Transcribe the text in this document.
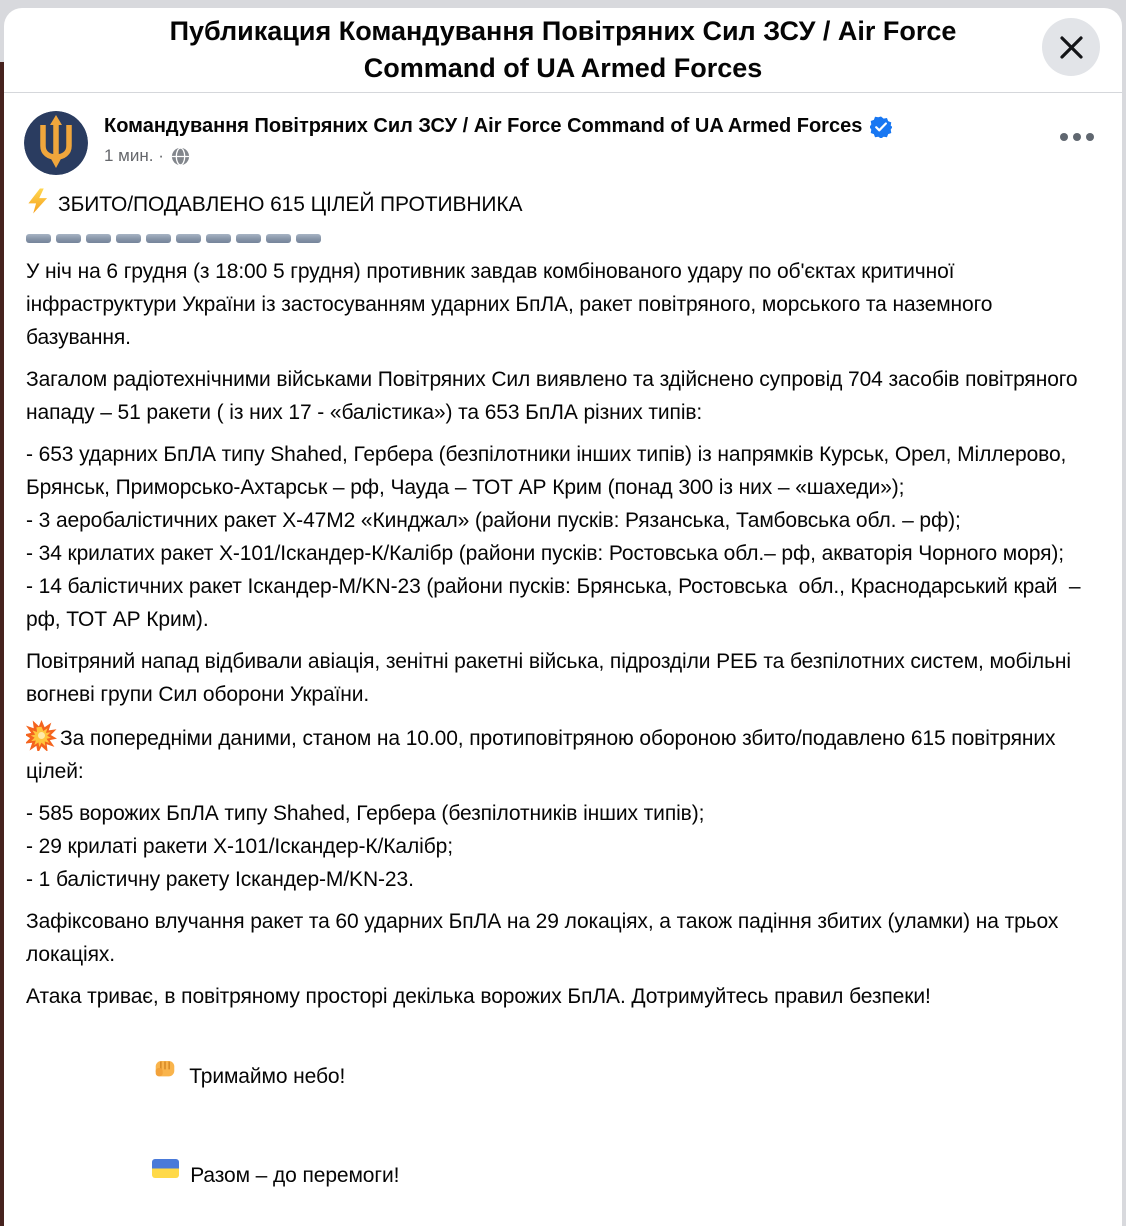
Публикация Командування Повітряних Сил ЗСУ / Air Force Command of UA Armed Forces
Командування Повітряних Сил ЗСУ / Air Force Command of UA Armed Forces
1 мин. ·

ЗБИТО/ПОДАВЛЕНО 615 ЦІЛЕЙ ПРОТИВНИКА

У ніч на 6 грудня (з 18:00 5 грудня) противник завдав комбінованого удару по об'єктах критичної інфраструктури України із застосуванням ударних БпЛА, ракет повітряного, морського та наземного базування.

Загалом радіотехнічними військами Повітряних Сил виявлено та здійснено супровід 704 засобів повітряного нападу – 51 ракети ( із них 17 - «балістика») та 653 БпЛА різних типів:

- 653 ударних БпЛА типу Shahed, Гербера (безпілотники інших типів) із напрямків Курськ, Орел, Міллерово, Брянськ, Приморсько-Ахтарськ – рф, Чауда – ТОТ АР Крим (понад 300 із них – «шахеди»);
- 3 аеробалістичних ракет Х-47М2 «Кинджал» (райони пусків: Рязанська, Тамбовська обл. – рф);
- 34 крилатих ракет Х-101/Іскандер-К/Калібр (райони пусків: Ростовська обл.– рф, акваторія Чорного моря);
- 14 балістичних ракет Іскандер-М/KN-23 (райони пусків: Брянська, Ростовська  обл., Краснодарський край  – рф, ТОТ АР Крим).

Повітряний напад відбивали авіація, зенітні ракетні війська, підрозділи РЕБ та безпілотних систем, мобільні вогневі групи Сил оборони України.

За попередніми даними, станом на 10.00, протиповітряною обороною збито/подавлено 615 повітряних цілей:

- 585 ворожих БпЛА типу Shahed, Гербера (безпілотників інших типів);
- 29 крилаті ракети Х-101/Іскандер-К/Калібр;
- 1 балістичну ракету Іскандер-М/KN-23.

Зафіксовано влучання ракет та 60 ударних БпЛА на 29 локаціях, а також падіння збитих (уламки) на трьох локаціях.

Атака триває, в повітряному просторі декілька ворожих БпЛА. Дотримуйтесь правил безпеки!

Тримаймо небо!

Разом – до перемоги!
